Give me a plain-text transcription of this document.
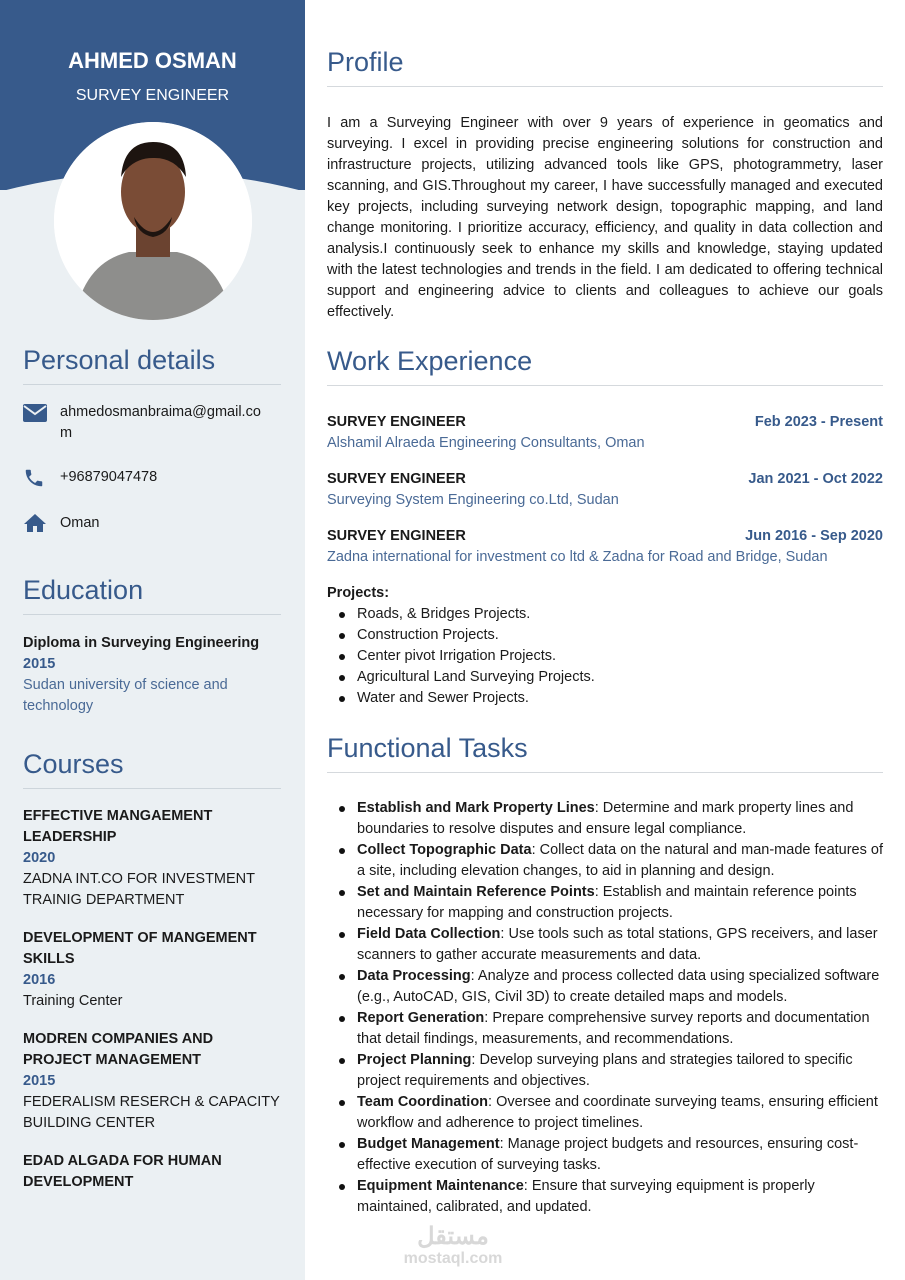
AHMED OSMAN
SURVEY ENGINEER
Personal details
ahmedosmanbraima@gmail.com
+96879047478
Oman
Education
Diploma in Surveying Engineering
2015
Sudan university of science and technology
Courses
EFFECTIVE MANGAEMENT LEADERSHIP
2020
ZADNA INT.CO FOR INVESTMENT TRAINIG DEPARTMENT
DEVELOPMENT OF MANGEMENT SKILLS
2016
Training Center
MODREN COMPANIES AND PROJECT MANAGEMENT
2015
FEDERALISM RESERCH & CAPACITY BUILDING CENTER
EDAD ALGADA FOR HUMAN DEVELOPMENT
Profile
I am a Surveying Engineer with over 9 years of experience in geomatics and surveying. I excel in providing precise engineering solutions for construction and infrastructure projects, utilizing advanced tools like GPS, photogrammetry, laser scanning, and GIS.Throughout my career, I have successfully managed and executed key projects, including surveying network design, topographic mapping, and land change monitoring. I prioritize accuracy, efficiency, and quality in data collection and analysis.I continuously seek to enhance my skills and knowledge, staying updated with the latest technologies and trends in the field. I am dedicated to offering technical support and engineering advice to clients and colleagues to achieve our goals effectively.
Work Experience
SURVEY ENGINEER	Feb 2023 - Present
Alshamil Alraeda Engineering Consultants, Oman
SURVEY ENGINEER	Jan 2021 - Oct 2022
Surveying System Engineering co.Ltd, Sudan
SURVEY ENGINEER	Jun 2016 - Sep 2020
Zadna international for investment co ltd & Zadna for Road and Bridge, Sudan
Projects:
Roads, & Bridges Projects.
Construction Projects.
Center pivot Irrigation Projects.
Agricultural Land Surveying Projects.
Water and Sewer Projects.
Functional Tasks
Establish and Mark Property Lines: Determine and mark property lines and boundaries to resolve disputes and ensure legal compliance.
Collect Topographic Data: Collect data on the natural and man-made features of a site, including elevation changes, to aid in planning and design.
Set and Maintain Reference Points: Establish and maintain reference points necessary for mapping and construction projects.
Field Data Collection: Use tools such as total stations, GPS receivers, and laser scanners to gather accurate measurements and data.
Data Processing: Analyze and process collected data using specialized software (e.g., AutoCAD, GIS, Civil 3D) to create detailed maps and models.
Report Generation: Prepare comprehensive survey reports and documentation that detail findings, measurements, and recommendations.
Project Planning: Develop surveying plans and strategies tailored to specific project requirements and objectives.
Team Coordination: Oversee and coordinate surveying teams, ensuring efficient workflow and adherence to project timelines.
Budget Management: Manage project budgets and resources, ensuring cost-effective execution of surveying tasks.
Equipment Maintenance: Ensure that surveying equipment is properly maintained, calibrated, and updated.
مستقل
mostaql.com
